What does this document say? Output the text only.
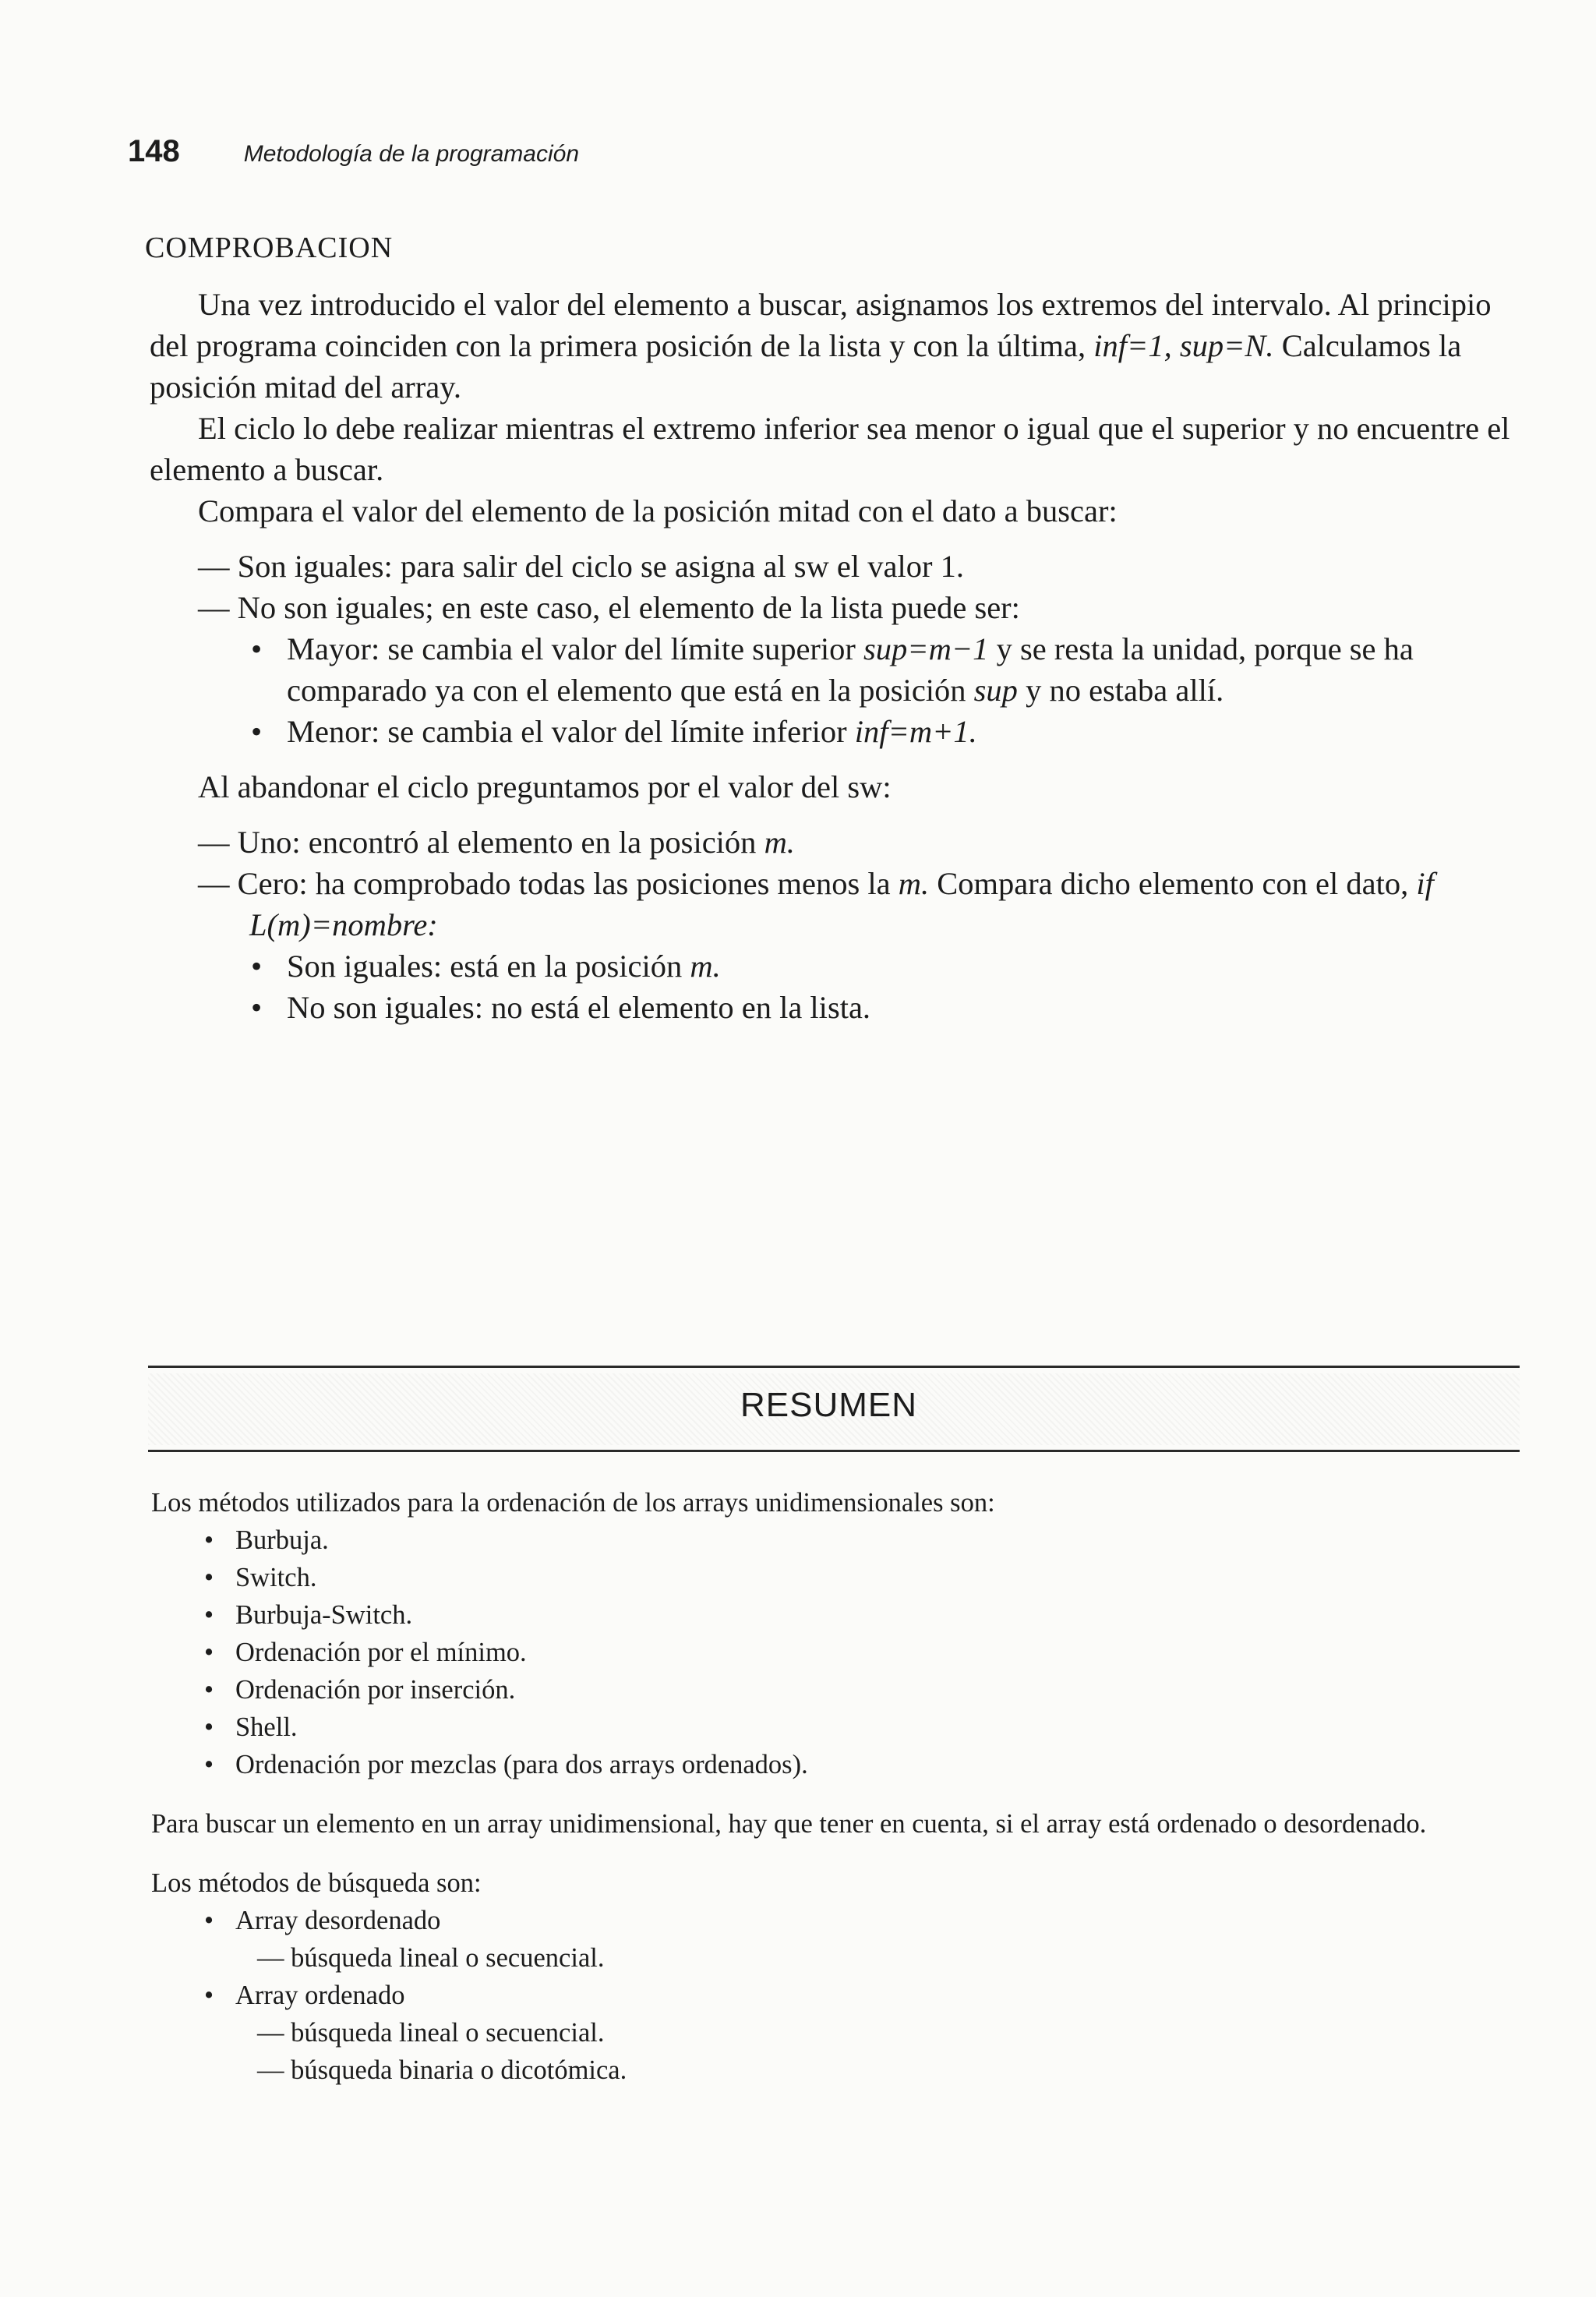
148	Metodología de la programación
COMPROBACION

Una vez introducido el valor del elemento a buscar, asignamos los extremos del intervalo. Al principio del programa coinciden con la primera posición de la lista y con la última, inf=1, sup=N. Calculamos la posición mitad del array.

El ciclo lo debe realizar mientras el extremo inferior sea menor o igual que el superior y no encuentre el elemento a buscar.

Compara el valor del elemento de la posición mitad con el dato a buscar:

— Son iguales: para salir del ciclo se asigna al sw el valor 1.

— No son iguales; en este caso, el elemento de la lista puede ser:

• Mayor: se cambia el valor del límite superior sup=m−1 y se resta la unidad, porque se ha comparado ya con el elemento que está en la posición sup y no estaba allí.

• Menor: se cambia el valor del límite inferior inf=m+1.

Al abandonar el ciclo preguntamos por el valor del sw:

— Uno: encontró al elemento en la posición m.

— Cero: ha comprobado todas las posiciones menos la m. Compara dicho elemento con el dato, if L(m)=nombre:

• Son iguales: está en la posición m.

• No son iguales: no está el elemento en la lista.

RESUMEN

Los métodos utilizados para la ordenación de los arrays unidimensionales son:

• Burbuja.
• Switch.
• Burbuja-Switch.
• Ordenación por el mínimo.
• Ordenación por inserción.
• Shell.
• Ordenación por mezclas (para dos arrays ordenados).

Para buscar un elemento en un array unidimensional, hay que tener en cuenta, si el array está ordenado o desordenado.

Los métodos de búsqueda son:

• Array desordenado
— búsqueda lineal o secuencial.
• Array ordenado
— búsqueda lineal o secuencial.
— búsqueda binaria o dicotómica.
